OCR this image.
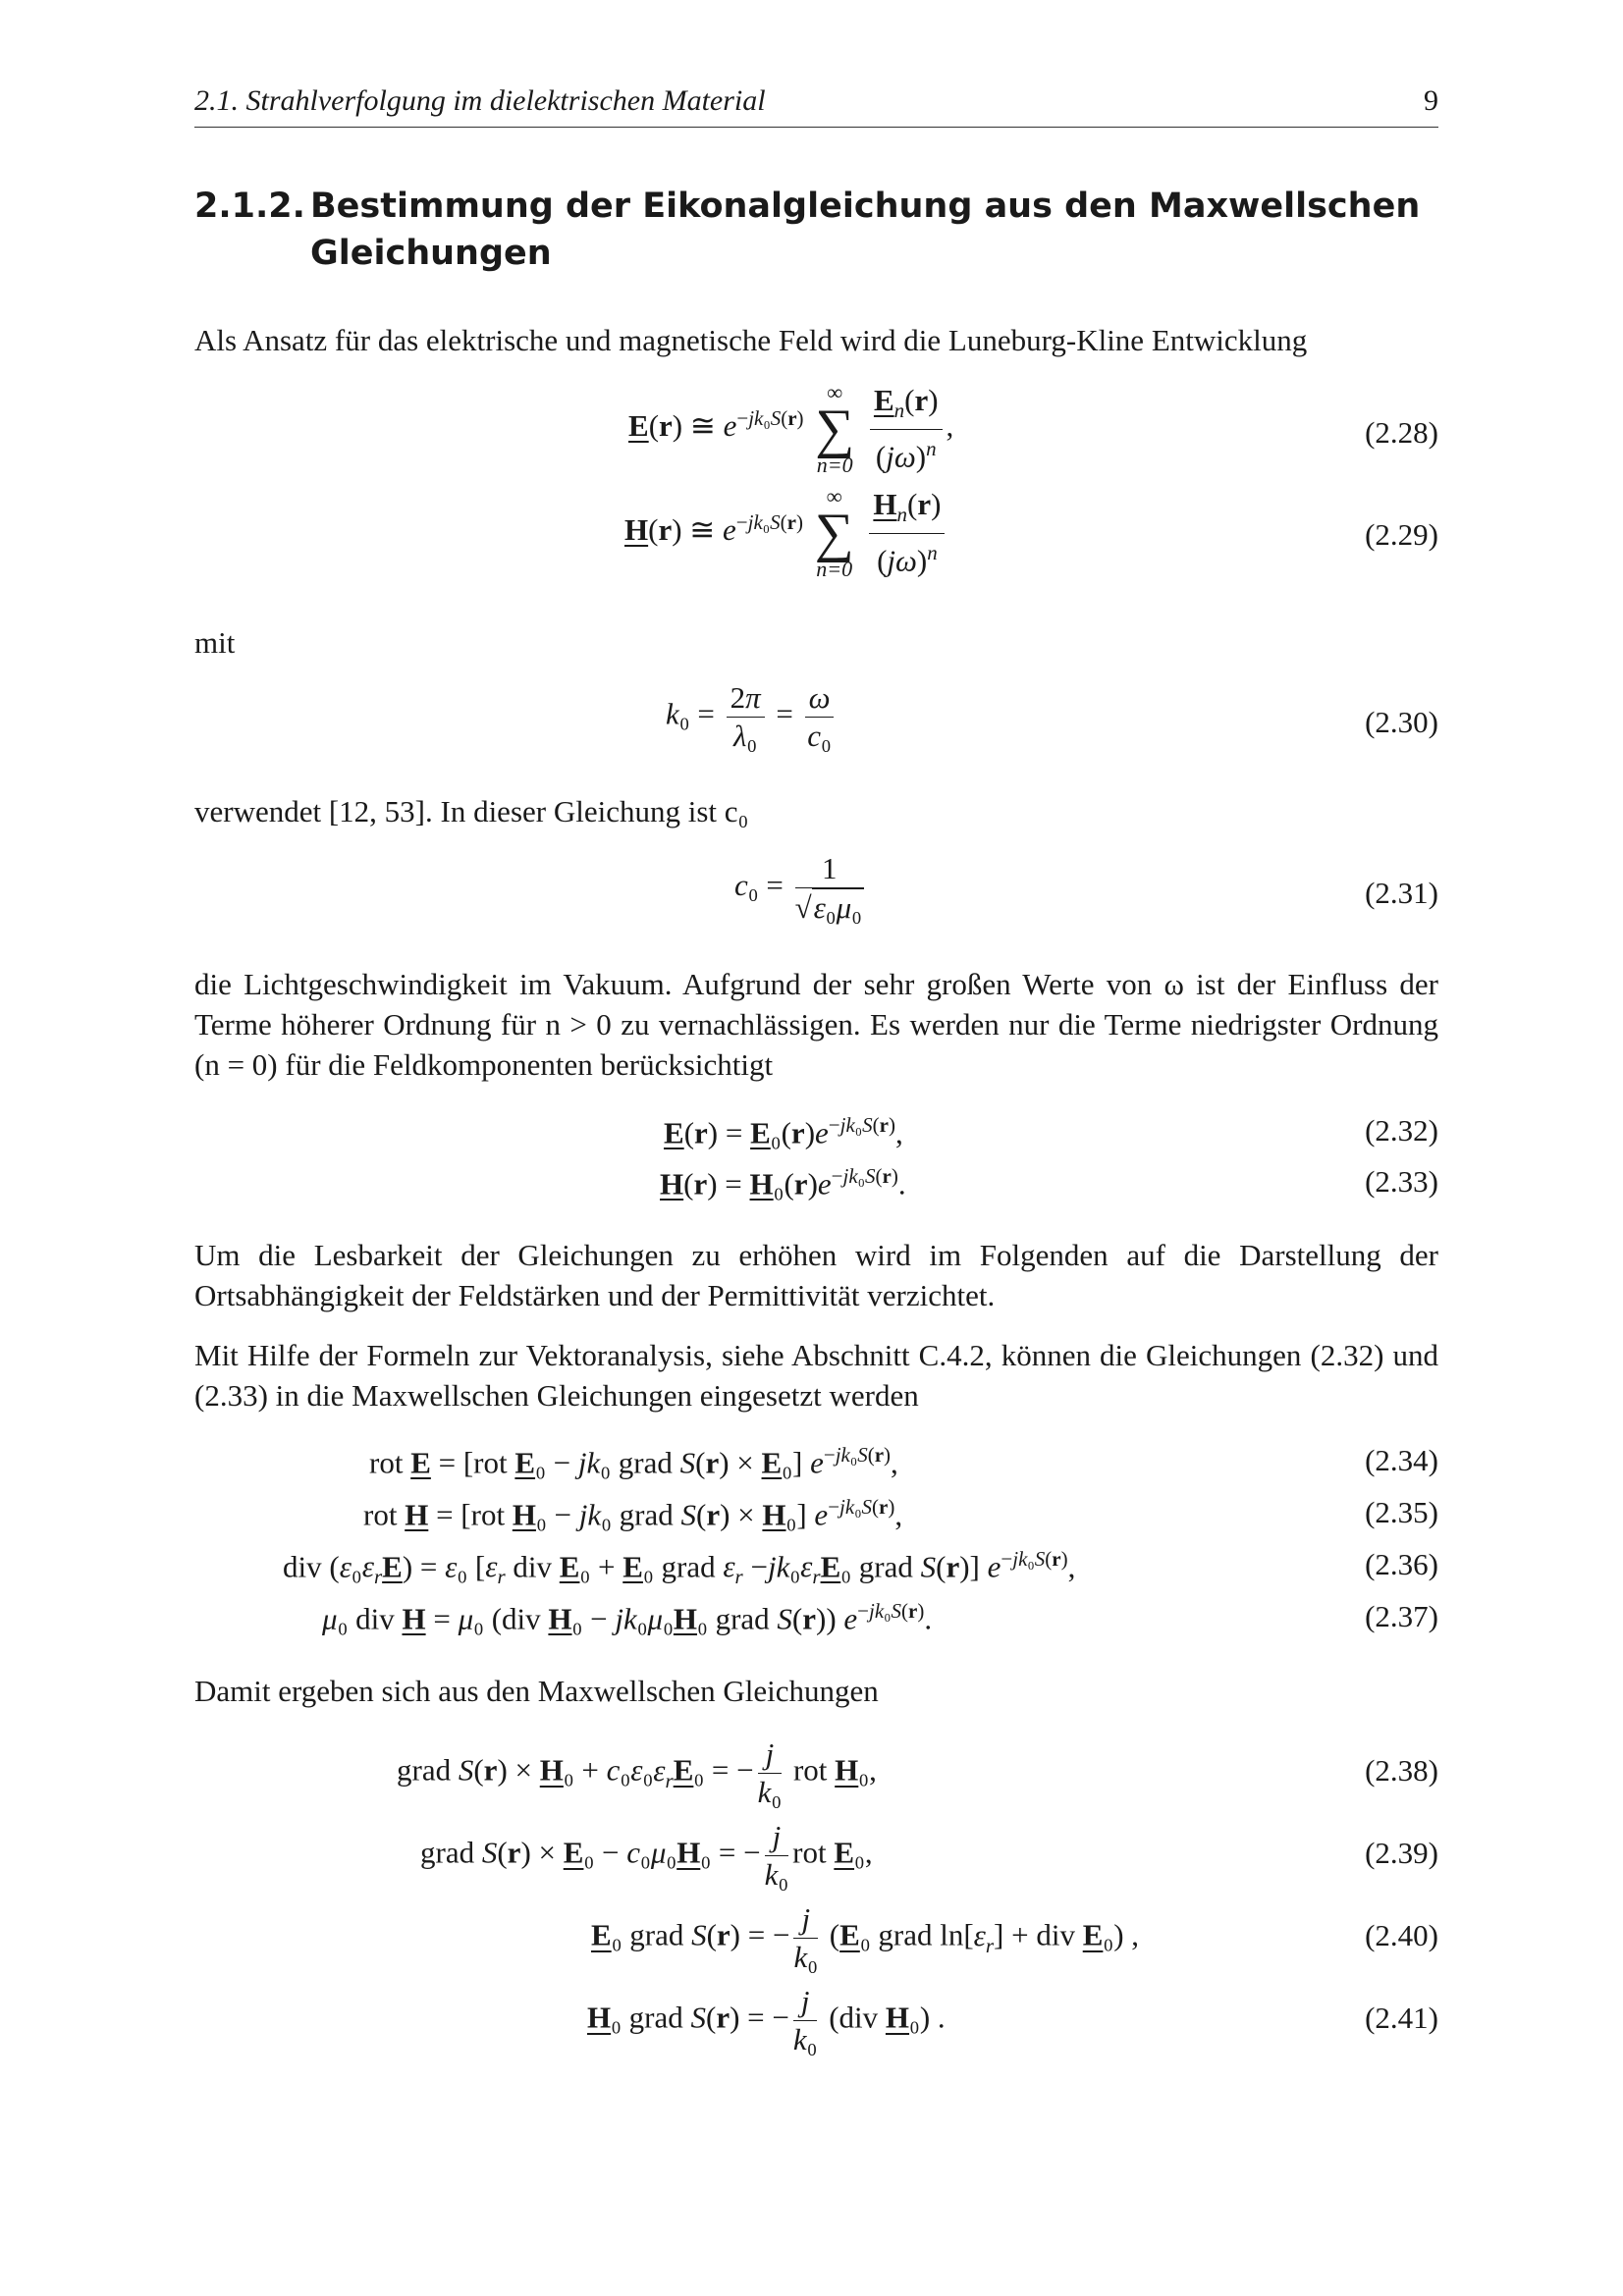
2.1. Strahlverfolgung im dielektrischen Material	9
2.1.2. Bestimmung der Eikonalgleichung aus den Maxwellschen
Gleichungen

Als Ansatz für das elektrische und magnetische Feld wird die Luneburg-Kline Entwicklung

E(r) ≅ $e^{-jk_0S(r)}$
∞
∑
n=0
$\frac{E_n(r)}{(j\omega)^n}$ ,	(2.28)
H(r) ≅ $e^{-jk_0S(r)}$
∞
∑
n=0
$\frac{H_n(r)}{(j\omega)^n}$	(2.29)

mit

$k_0 = \frac{2\pi}{\text{λ₀}} = \frac{\omega}{\text{c₀}}$	(2.30)

verwendet [12, 53]. In dieser Gleichung ist c₀

$c_0 = \frac{1}{\text{√ε₀μ₀}}$	(2.31)

die Lichtgeschwindigkeit im Vakuum. Aufgrund der sehr großen Werte von ω ist der Einfluss der Terme höherer Ordnung für n > 0 zu vernachlässigen. Es werden nur die Terme niedrigster Ordnung (n = 0) für die Feldkomponenten berücksichtigt

$E(r) = E_0(r)e^{-jk_0S(r)}$,	(2.32)
$H(r) = H_0(r)e^{-jk_0S(r)}$.	(2.33)

Um die Lesbarkeit der Gleichungen zu erhöhen wird im Folgenden auf die Darstellung der Ortsabhängigkeit der Feldstärken und der Permittivität verzichtet.

Mit Hilfe der Formeln zur Vektoranalysis, siehe Abschnitt C.4.2, können die Gleichungen (2.32) und (2.33) in die Maxwellschen Gleichungen eingesetzt werden

rot E = [rot E₀ − jk₀ grad S(r) × E₀] $e^{-jk_0S(r)}$,	(2.34)
rot H = [rot H₀ − jk₀ grad S(r) × H₀] $e^{-jk_0S(r)}$,	(2.35)
div $(\varepsilon_0\varepsilon_rE) = \varepsilon_0$ [$\varepsilon_r$ div E₀ + E₀ grad $\varepsilon_r -jk_0\varepsilon_rE_0$ grad S(r)] $e^{-jk_0S(r)}$,	(2.36)
μ₀ div H = μ₀ (div H₀ − jk₀μ₀H₀ grad S(r)) $e^{-jk_0S(r)}$.	(2.37)

Damit ergeben sich aus den Maxwellschen Gleichungen

grad $S(r) \times H_0 + c_0\varepsilon_0\varepsilon_rE_0$ = − $\frac{j}{\text{k₀}}$ rot H₀,	(2.38)
grad S(r) × E₀ − c₀μ₀H₀ = − $\frac{j}{\text{k₀}}$ rot E₀,	(2.39)
E₀ grad S(r) = − $\frac{j}{\text{k₀}} (E_0$ grad $\ln[\varepsilon_r]$ + div E₀) ,	(2.40)
H₀ grad S(r) = − $\frac{j}{\text{k₀}} (div$ H₀) .	(2.41)
